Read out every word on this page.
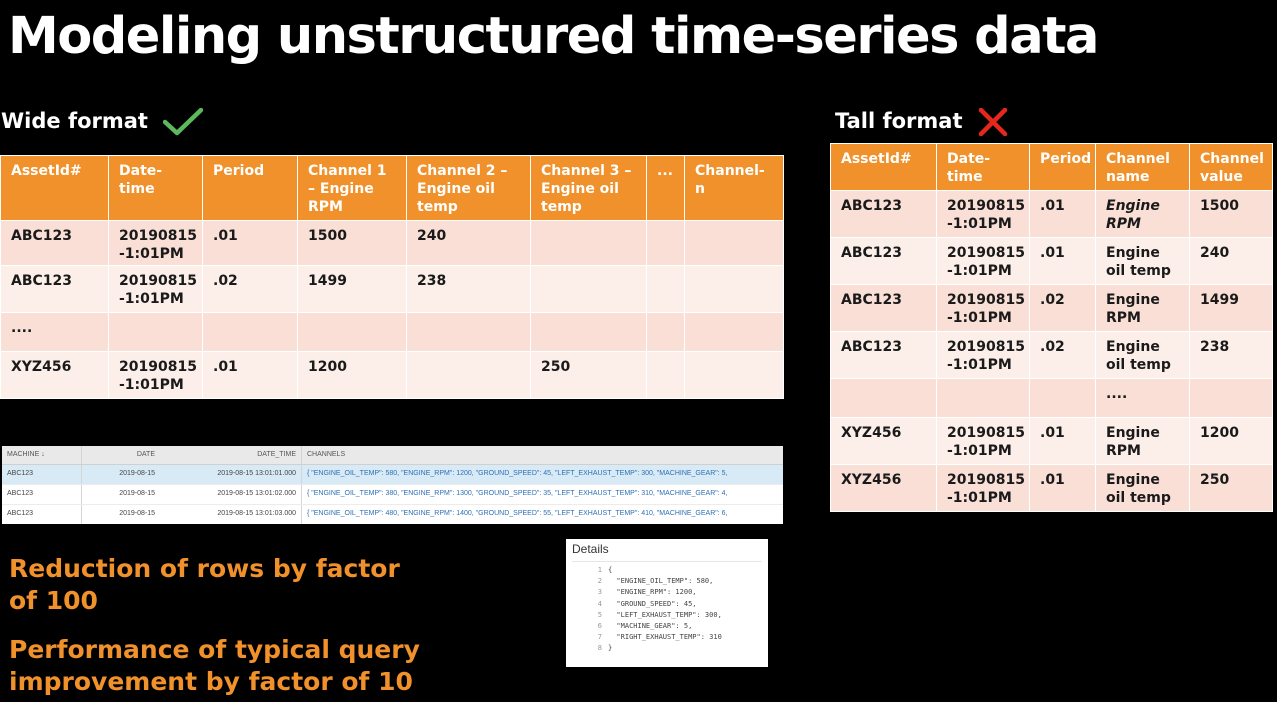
Modeling unstructured time-series data
Wide format	Tall format
AssetId#	Date-time	Period	Channel 1 – Engine RPM	Channel 2 – Engine oil temp	Channel 3 – Engine oil temp	...	Channel-n
ABC123	20190815 -1:01PM	.01	1500	240			
ABC123	20190815 -1:01PM	.02	1499	238			
....							
XYZ456	20190815 -1:01PM	.01	1200		250		
AssetId#	Date-time	Period	Channel name	Channel value
ABC123	20190815 -1:01PM	.01	Engine RPM	1500
ABC123	20190815 -1:01PM	.01	Engine oil temp	240
ABC123	20190815 -1:01PM	.02	Engine RPM	1499
ABC123	20190815 -1:01PM	.02	Engine oil temp	238
			....	
XYZ456	20190815 -1:01PM	.01	Engine RPM	1200
XYZ456	20190815 -1:01PM	.01	Engine oil temp	250
MACHINE ↓	DATE	DATE_TIME	CHANNELS
ABC123	2019-08-15	2019-08-15 13:01:01.000	{ "ENGINE_OIL_TEMP": 580, "ENGINE_RPM": 1200, "GROUND_SPEED": 45, "LEFT_EXHAUST_TEMP": 300, "MACHINE_GEAR": 5,
ABC123	2019-08-15	2019-08-15 13:01:02.000	{ "ENGINE_OIL_TEMP": 380, "ENGINE_RPM": 1300, "GROUND_SPEED": 35, "LEFT_EXHAUST_TEMP": 310, "MACHINE_GEAR": 4,
ABC123	2019-08-15	2019-08-15 13:01:03.000	{ "ENGINE_OIL_TEMP": 480, "ENGINE_RPM": 1400, "GROUND_SPEED": 55, "LEFT_EXHAUST_TEMP": 410, "MACHINE_GEAR": 6,

Reduction of rows by factor of 100

Performance of typical query improvement by factor of 10

Details
1 {
2 "ENGINE_OIL_TEMP": 580,
3 "ENGINE_RPM": 1200,
4 "GROUND_SPEED": 45,
5 "LEFT_EXHAUST_TEMP": 300,
6 "MACHINE_GEAR": 5,
7 "RIGHT_EXHAUST_TEMP": 310
8 }
